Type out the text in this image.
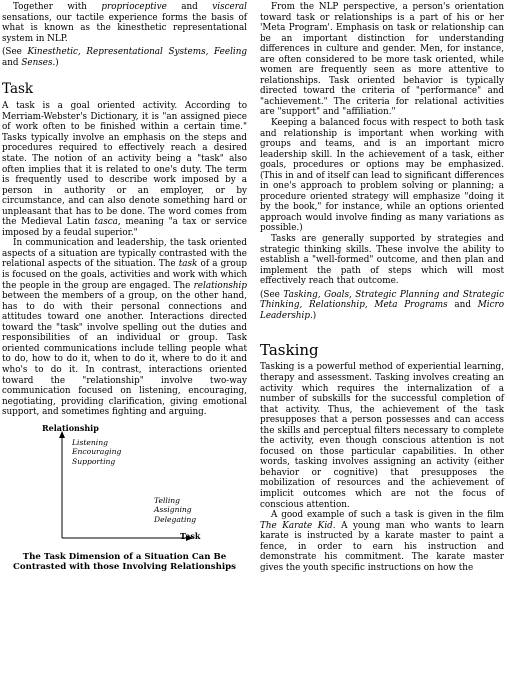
Together with proprioceptive and visceral sensations, our tactile experience forms the basis of what is known as the kinesthetic representational system in NLP.

(See Kinesthetic, Representational Systems, Feeling and Senses.)

Task

A task is a goal oriented activity. According to Merriam-Webster's Dictionary, it is "an assigned piece of work often to be finished within a certain time." Tasks typically involve an emphasis on the steps and procedures required to effectively reach a desired state. The notion of an activity being a "task" also often implies that it is related to one's duty. The term is frequently used to describe work imposed by a person in authority or an employer, or by circumstance, and can also denote something hard or unpleasant that has to be done. The word comes from the Medieval Latin tasca, meaning "a tax or service imposed by a feudal superior."

In communication and leadership, the task oriented aspects of a situation are typically contrasted with the relational aspects of the situation. The task of a group is focused on the goals, activities and work with which the people in the group are engaged. The relationship between the members of a group, on the other hand, has to do with their personal connections and attitudes toward one another. Interactions directed toward the "task" involve spelling out the duties and responsibilities of an individual or group. Task oriented communications include telling people what to do, how to do it, when to do it, where to do it and who's to do it. In contrast, interactions oriented toward the "relationship" involve two-way communication focused on listening, encouraging, negotiating, providing clarification, giving emotional support, and sometimes fighting and arguing.

Relationship
Listening
Encouraging
Supporting
Telling
Assigning
Delegating
Task
The Task Dimension of a Situation Can Be
Contrasted with those Involving Relationships

From the NLP perspective, a person's orientation toward task or relationships is a part of his or her 'Meta Program'. Emphasis on task or relationship can be an important distinction for understanding differences in culture and gender. Men, for instance, are often considered to be more task oriented, while women are frequently seen as more attentive to relationships. Task oriented behavior is typically directed toward the criteria of "performance" and "achievement." The criteria for relational activities are "support" and "affiliation."

Keeping a balanced focus with respect to both task and relationship is important when working with groups and teams, and is an important micro leadership skill. In the achievement of a task, either goals, procedures or options may be emphasized. (This in and of itself can lead to significant differences in one's approach to problem solving or planning; a procedure oriented strategy will emphasize "doing it by the book," for instance, while an options oriented approach would involve finding as many variations as possible.)

Tasks are generally supported by strategies and strategic thinking skills. These involve the ability to establish a "well-formed" outcome, and then plan and implement the path of steps which will most effectively reach that outcome.

(See Tasking, Goals, Strategic Planning and Strategic Thinking, Relationship, Meta Programs and Micro Leadership.)

Tasking

Tasking is a powerful method of experiential learning, therapy and assessment. Tasking involves creating an activity which requires the internalization of a number of subskills for the successful completion of that activity. Thus, the achievement of the task presupposes that a person possesses and can access the skills and perceptual filters necessary to complete the activity, even though conscious attention is not focused on those particular capabilities. In other words, tasking involves assigning an activity (either behavior or cognitive) that presupposes the mobilization of resources and the achievement of implicit outcomes which are not the focus of conscious attention.

A good example of such a task is given in the film The Karate Kid. A young man who wants to learn karate is instructed by a karate master to paint a fence, in order to earn his instruction and demonstrate his commitment. The karate master gives the youth specific instructions on how the
